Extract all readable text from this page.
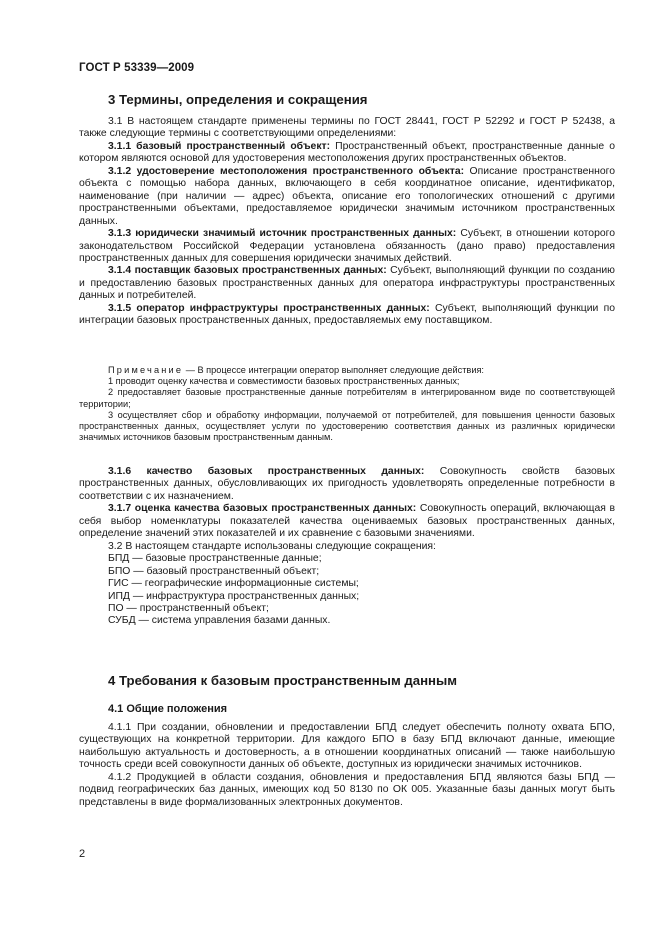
ГОСТ Р 53339—2009
3 Термины, определения и сокращения

3.1 В настоящем стандарте применены термины по ГОСТ 28441, ГОСТ Р 52292 и ГОСТ Р 52438, а также следующие термины с соответствующими определениями:

3.1.1 базовый пространственный объект: Пространственный объект, пространственные данные о котором являются основой для удостоверения местоположения других пространственных объектов.

3.1.2 удостоверение местоположения пространственного объекта: Описание пространственного объекта с помощью набора данных, включающего в себя координатное описание, идентификатор, наименование (при наличии — адрес) объекта, описание его топологических отношений с другими пространственными объектами, предоставляемое юридически значимым источником пространственных данных.

3.1.3 юридически значимый источник пространственных данных: Субъект, в отношении которого законодательством Российской Федерации установлена обязанность (дано право) предоставления пространственных данных для совершения юридически значимых действий.

3.1.4 поставщик базовых пространственных данных: Субъект, выполняющий функции по созданию и предоставлению базовых пространственных данных для оператора инфраструктуры пространственных данных и потребителей.

3.1.5 оператор инфраструктуры пространственных данных: Субъект, выполняющий функции по интеграции базовых пространственных данных, предоставляемых ему поставщиком.

Примечание — В процессе интеграции оператор выполняет следующие действия:

1 проводит оценку качества и совместимости базовых пространственных данных;

2 предоставляет базовые пространственные данные потребителям в интегрированном виде по соответствующей территории;

3 осуществляет сбор и обработку информации, получаемой от потребителей, для повышения ценности базовых пространственных данных, осуществляет услуги по удостоверению соответствия данных из различных юридически значимых источников базовым пространственным данным.

3.1.6 качество базовых пространственных данных: Совокупность свойств базовых пространственных данных, обусловливающих их пригодность удовлетворять определенные потребности в соответствии с их назначением.

3.1.7 оценка качества базовых пространственных данных: Совокупность операций, включающая в себя выбор номенклатуры показателей качества оцениваемых базовых пространственных данных, определение значений этих показателей и их сравнение с базовыми значениями.

3.2 В настоящем стандарте использованы следующие сокращения:

БПД — базовые пространственные данные;

БПО — базовый пространственный объект;

ГИС — географические информационные системы;

ИПД — инфраструктура пространственных данных;

ПО — пространственный объект;

СУБД — система управления базами данных.

4 Требования к базовым пространственным данным
4.1 Общие положения

4.1.1 При создании, обновлении и предоставлении БПД следует обеспечить полноту охвата БПО, существующих на конкретной территории. Для каждого БПО в базу БПД включают данные, имеющие наибольшую актуальность и достоверность, а в отношении координатных описаний — также наибольшую точность среди всей совокупности данных об объекте, доступных из юридически значимых источников.

4.1.2 Продукцией в области создания, обновления и предоставления БПД являются базы БПД — подвид географических баз данных, имеющих код 50 8130 по ОК 005. Указанные базы данных могут быть представлены в виде формализованных электронных документов.

2
